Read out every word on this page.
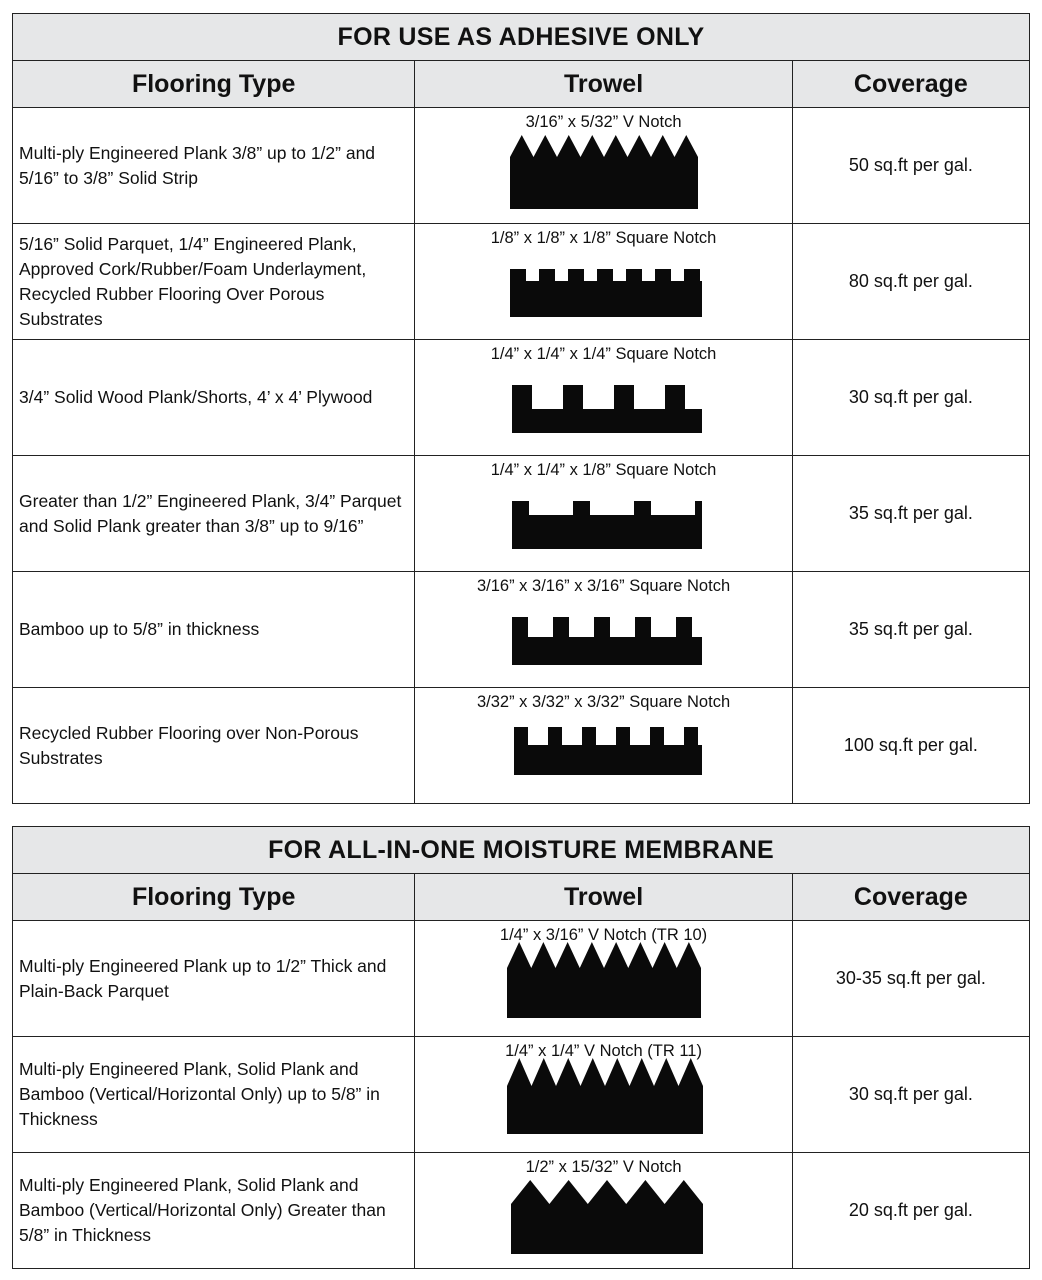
FOR USE AS ADHESIVE ONLY		
Flooring Type	Trowel	Coverage
Multi-ply Engineered Plank 3/8” up to 1/2” and 5/16” to 3/8” Solid Strip	3/16” x 5/32” V Notch	50 sq.ft per gal.
5/16” Solid Parquet, 1/4” Engineered Plank, Approved Cork/Rubber/Foam Underlayment, Recycled Rubber Flooring Over Porous Substrates	1/8” x 1/8” x 1/8” Square Notch	80 sq.ft per gal.
3/4” Solid Wood Plank/Shorts, 4’ x 4’ Plywood	1/4” x 1/4” x 1/4” Square Notch	30 sq.ft per gal.
Greater than 1/2” Engineered Plank, 3/4” Parquet and Solid Plank greater than 3/8” up to 9/16”	1/4” x 1/4” x 1/8” Square Notch	35 sq.ft per gal.
Bamboo up to 5/8” in thickness	3/16” x 3/16” x 3/16” Square Notch	35 sq.ft per gal.
Recycled Rubber Flooring over Non-Porous Substrates	3/32” x 3/32” x 3/32” Square Notch	100 sq.ft per gal.
FOR ALL-IN-ONE MOISTURE MEMBRANE		
Flooring Type	Trowel	Coverage
Multi-ply Engineered Plank up to 1/2” Thick and Plain-Back Parquet	1/4” x 3/16” V Notch (TR 10)	30-35 sq.ft per gal.
Multi-ply Engineered Plank, Solid Plank and Bamboo (Vertical/Horizontal Only) up to 5/8” in Thickness	1/4” x 1/4” V Notch (TR 11)	30 sq.ft per gal.
Multi-ply Engineered Plank, Solid Plank and Bamboo (Vertical/Horizontal Only) Greater than 5/8” in Thickness	1/2” x 15/32” V Notch	20 sq.ft per gal.
